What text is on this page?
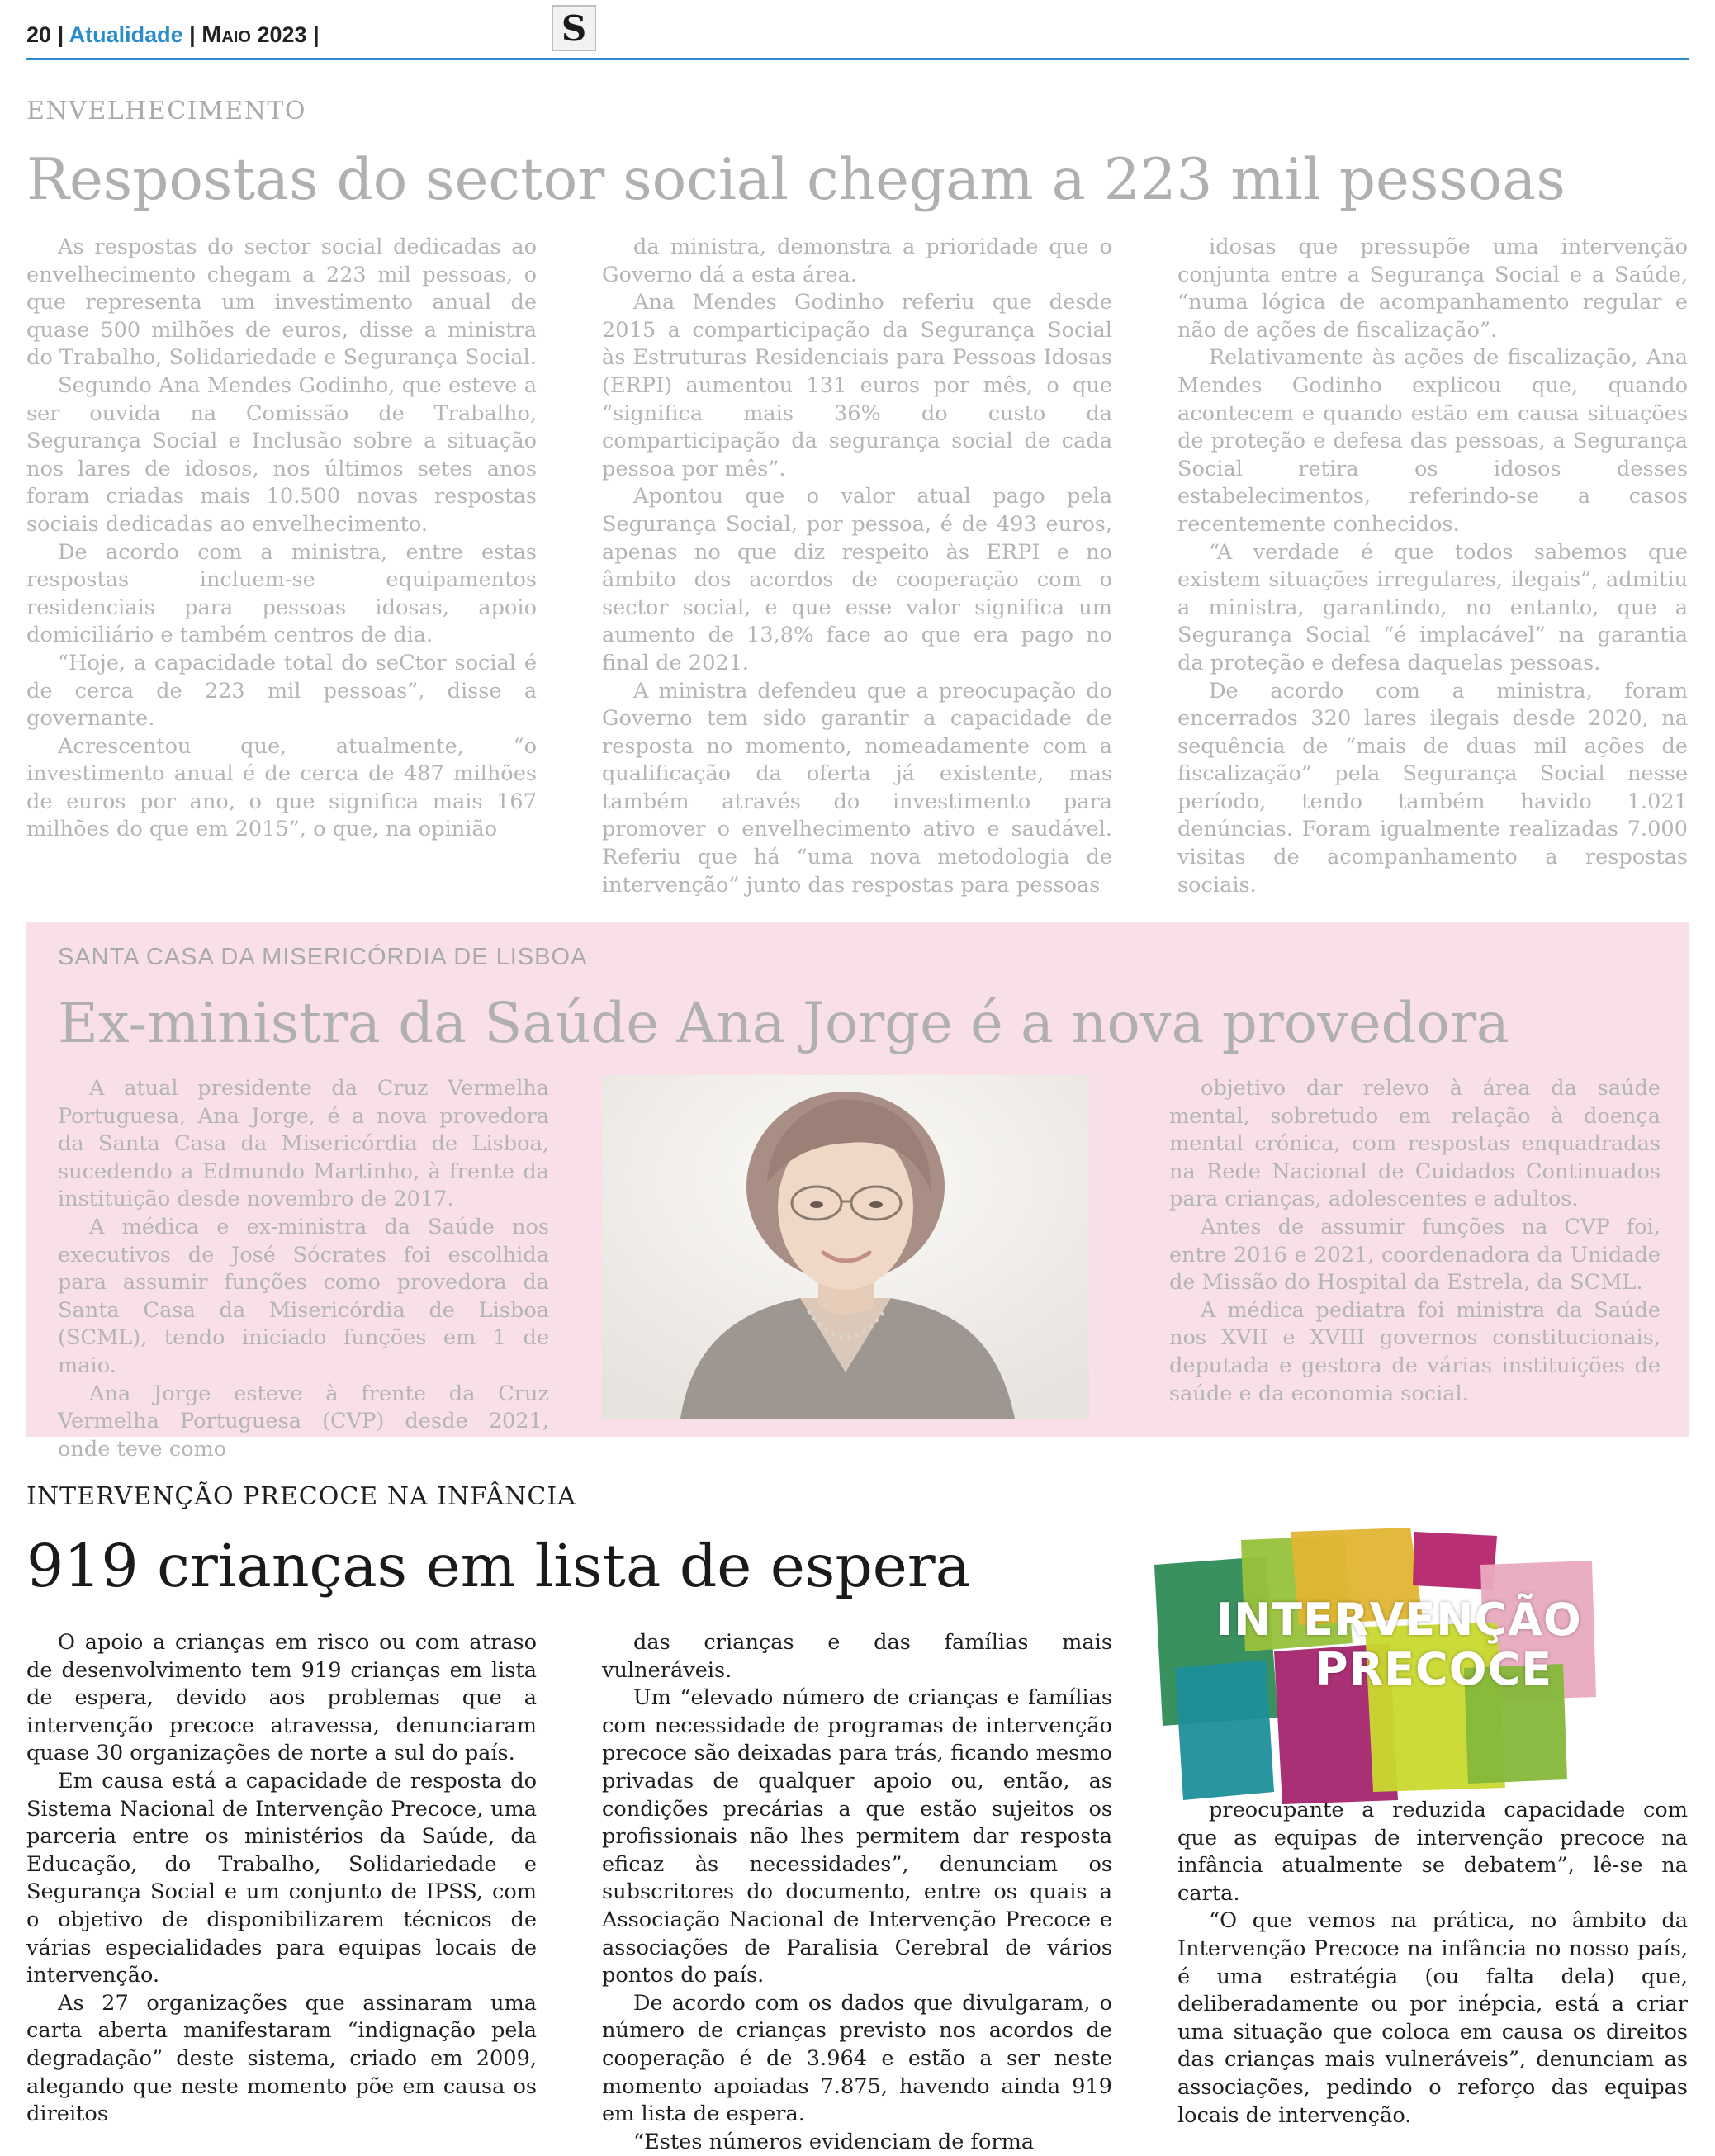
20 | Atualidade | Maio 2023 |	S
ENVELHECIMENTO
Respostas do sector social chegam a 223 mil pessoas

As respostas do sector social dedicadas ao envelhecimento chegam a 223 mil pessoas, o que representa um investimento anual de quase 500 milhões de euros, disse a ministra do Trabalho, Solidariedade e Segurança Social.

Segundo Ana Mendes Godinho, que esteve a ser ouvida na Comissão de Trabalho, Segurança Social e Inclusão sobre a situação nos lares de idosos, nos últimos setes anos foram criadas mais 10.500 novas respostas sociais dedicadas ao envelhecimento.

De acordo com a ministra, entre estas respostas incluem-se equipamentos residenciais para pessoas idosas, apoio domiciliário e também centros de dia.

“Hoje, a capacidade total do seCtor social é de cerca de 223 mil pessoas”, disse a governante.

Acrescentou que, atualmente, “o investimento anual é de cerca de 487 milhões de euros por ano, o que significa mais 167 milhões do que em 2015”, o que, na opinião

da ministra, demonstra a prioridade que o Governo dá a esta área.

Ana Mendes Godinho referiu que desde 2015 a comparticipação da Segurança Social às Estruturas Residenciais para Pessoas Idosas (ERPI) aumentou 131 euros por mês, o que “significa mais 36% do custo da comparticipação da segurança social de cada pessoa por mês”.

Apontou que o valor atual pago pela Segurança Social, por pessoa, é de 493 euros, apenas no que diz respeito às ERPI e no âmbito dos acordos de cooperação com o sector social, e que esse valor significa um aumento de 13,8% face ao que era pago no final de 2021.

A ministra defendeu que a preocupação do Governo tem sido garantir a capacidade de resposta no momento, nomeadamente com a qualificação da oferta já existente, mas também através do investimento para promover o envelhecimento ativo e saudável. Referiu que há “uma nova metodologia de intervenção” junto das respostas para pessoas

idosas que pressupõe uma intervenção conjunta entre a Segurança Social e a Saúde, “numa lógica de acompanhamento regular e não de ações de fiscalização”.

Relativamente às ações de fiscalização, Ana Mendes Godinho explicou que, quando acontecem e quando estão em causa situações de proteção e defesa das pessoas, a Segurança Social retira os idosos desses estabelecimentos, referindo-se a casos recentemente conhecidos.

“A verdade é que todos sabemos que existem situações irregulares, ilegais”, admitiu a ministra, garantindo, no entanto, que a Segurança Social “é implacável” na garantia da proteção e defesa daquelas pessoas.

De acordo com a ministra, foram encerrados 320 lares ilegais desde 2020, na sequência de “mais de duas mil ações de fiscalização” pela Segurança Social nesse período, tendo também havido 1.021 denúncias. Foram igualmente realizadas 7.000 visitas de acompanhamento a respostas sociais.

SANTA CASA DA MISERICÓRDIA DE LISBOA
Ex-ministra da Saúde Ana Jorge é a nova provedora

A atual presidente da Cruz Vermelha Portuguesa, Ana Jorge, é a nova provedora da Santa Casa da Misericórdia de Lisboa, sucedendo a Edmundo Martinho, à frente da instituição desde novembro de 2017.

A médica e ex-ministra da Saúde nos executivos de José Sócrates foi escolhida para assumir funções como provedora da Santa Casa da Misericórdia de Lisboa (SCML), tendo iniciado funções em 1 de maio.

Ana Jorge esteve à frente da Cruz Vermelha Portuguesa (CVP) desde 2021, onde teve como

objetivo dar relevo à área da saúde mental, sobretudo em relação à doença mental crónica, com respostas enquadradas na Rede Nacional de Cuidados Continuados para crianças, adolescentes e adultos.

Antes de assumir funções na CVP foi, entre 2016 e 2021, coordenadora da Unidade de Missão do Hospital da Estrela, da SCML.

A médica pediatra foi ministra da Saúde nos XVII e XVIII governos constitucionais, deputada e gestora de várias instituições de saúde e da economia social.

INTERVENÇÃO PRECOCE NA INFÂNCIA
919 crianças em lista de espera
INTERVENÇÃO
PRECOCE

O apoio a crianças em risco ou com atraso de desenvolvimento tem 919 crianças em lista de espera, devido aos problemas que a intervenção precoce atravessa, denunciaram quase 30 organizações de norte a sul do país.

Em causa está a capacidade de resposta do Sistema Nacional de Intervenção Precoce, uma parceria entre os ministérios da Saúde, da Educação, do Trabalho, Solidariedade e Segurança Social e um conjunto de IPSS, com o objetivo de disponibilizarem técnicos de várias especialidades para equipas locais de intervenção.

As 27 organizações que assinaram uma carta aberta manifestaram “indignação pela degradação” deste sistema, criado em 2009, alegando que neste momento põe em causa os direitos

das crianças e das famílias mais vulneráveis.

Um “elevado número de crianças e famílias com necessidade de programas de intervenção precoce são deixadas para trás, ficando mesmo privadas de qualquer apoio ou, então, as condições precárias a que estão sujeitos os profissionais não lhes permitem dar resposta eficaz às necessidades”, denunciam os subscritores do documento, entre os quais a Associação Nacional de Intervenção Precoce e associações de Paralisia Cerebral de vários pontos do país.

De acordo com os dados que divulgaram, o número de crianças previsto nos acordos de cooperação é de 3.964 e estão a ser neste momento apoiadas 7.875, havendo ainda 919 em lista de espera.

“Estes números evidenciam de forma

preocupante a reduzida capacidade com que as equipas de intervenção precoce na infância atualmente se debatem”, lê-se na carta.

“O que vemos na prática, no âmbito da Intervenção Precoce na infância no nosso país, é uma estratégia (ou falta dela) que, deliberadamente ou por inépcia, está a criar uma situação que coloca em causa os direitos das crianças mais vulneráveis”, denunciam as associações, pedindo o reforço das equipas locais de intervenção.
